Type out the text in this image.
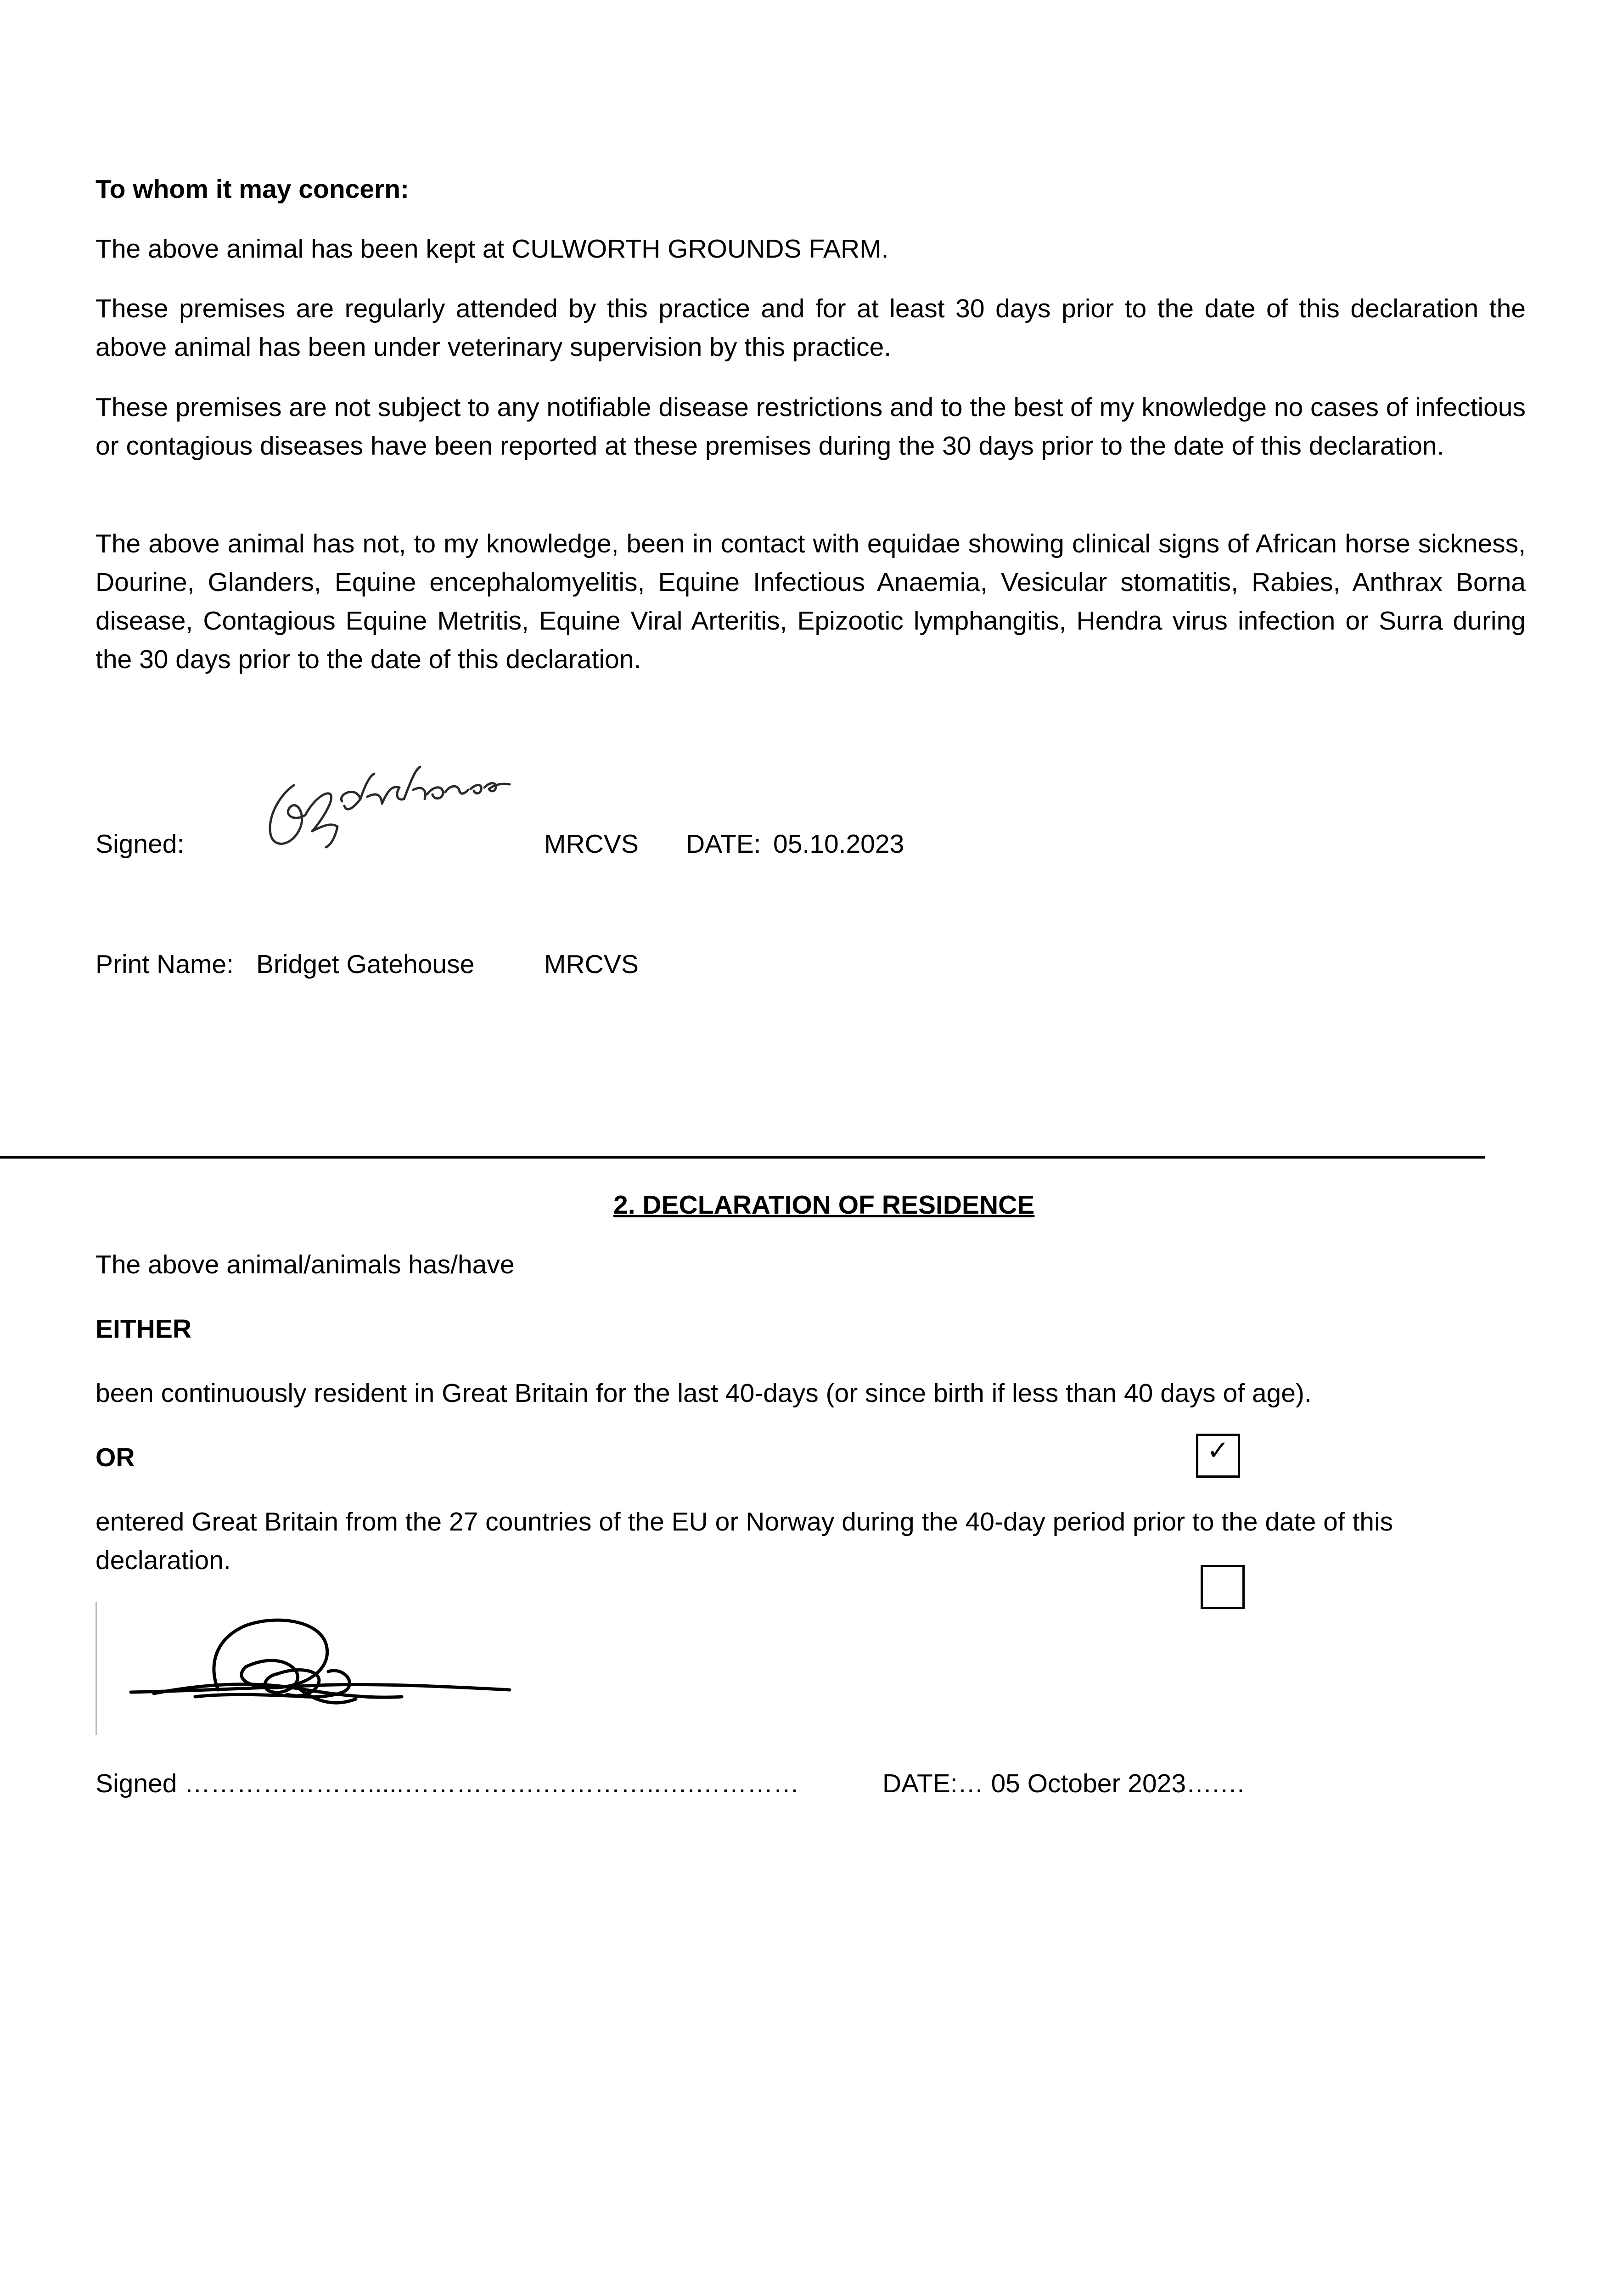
To whom it may concern:
The above animal has been kept at CULWORTH GROUNDS FARM.
These premises are regularly attended by this practice and for at least 30 days prior to the date of this declaration the above animal has been under veterinary supervision by this practice.
These premises are not subject to any notifiable disease restrictions and to the best of my knowledge no cases of infectious or contagious diseases have been reported at these premises during the 30 days prior to the date of this declaration.
The above animal has not, to my knowledge, been in contact with equidae showing clinical signs of African horse sickness, Dourine, Glanders, Equine encephalomyelitis, Equine Infectious Anaemia, Vesicular stomatitis, Rabies, Anthrax Borna disease, Contagious Equine Metritis, Equine Viral Arteritis, Epizootic lymphangitis, Hendra virus infection or Surra during the 30 days prior to the date of this declaration.
Signed:	MRCVS DATE: 05.10.2023
Print Name: Bridget Gatehouse	MRCVS
2. DECLARATION OF RESIDENCE
The above animal/animals has/have
EITHER
been continuously resident in Great Britain for the last 40-days (or since birth if less than 40 days of age).
OR	✓
entered Great Britain from the 27 countries of the EU or Norway during the 40-day period prior to the date of this declaration.
Signed ………………….....…………….…………..….…………	DATE:… 05 October 2023….…
